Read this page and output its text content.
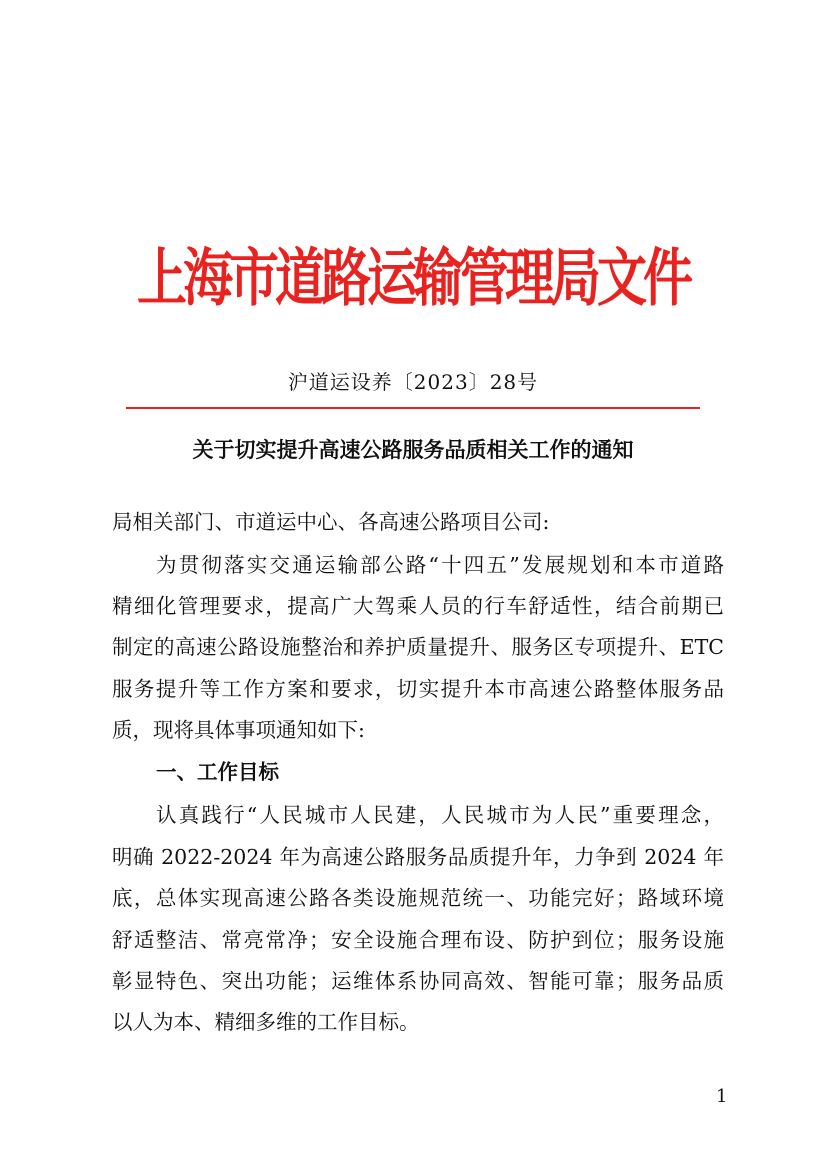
上海市道路运输管理局文件
沪道运设养〔2023〕28号
关于切实提升高速公路服务品质相关工作的通知
局相关部门、市道运中心、各高速公路项目公司:
为贯彻落实交通运输部公路“十四五”发展规划和本市道路
精细化管理要求，提高广大驾乘人员的行车舒适性，结合前期已
制定的高速公路设施整治和养护质量提升、服务区专项提升、ETC
服务提升等工作方案和要求，切实提升本市高速公路整体服务品
质，现将具体事项通知如下:
一、工作目标
认真践行“人民城市人民建，人民城市为人民”重要理念，
明确 2022-2024 年为高速公路服务品质提升年，力争到 2024 年
底，总体实现高速公路各类设施规范统一、功能完好；路域环境
舒适整洁、常亮常净；安全设施合理布设、防护到位；服务设施
彰显特色、突出功能；运维体系协同高效、智能可靠；服务品质
以人为本、精细多维的工作目标。
1
